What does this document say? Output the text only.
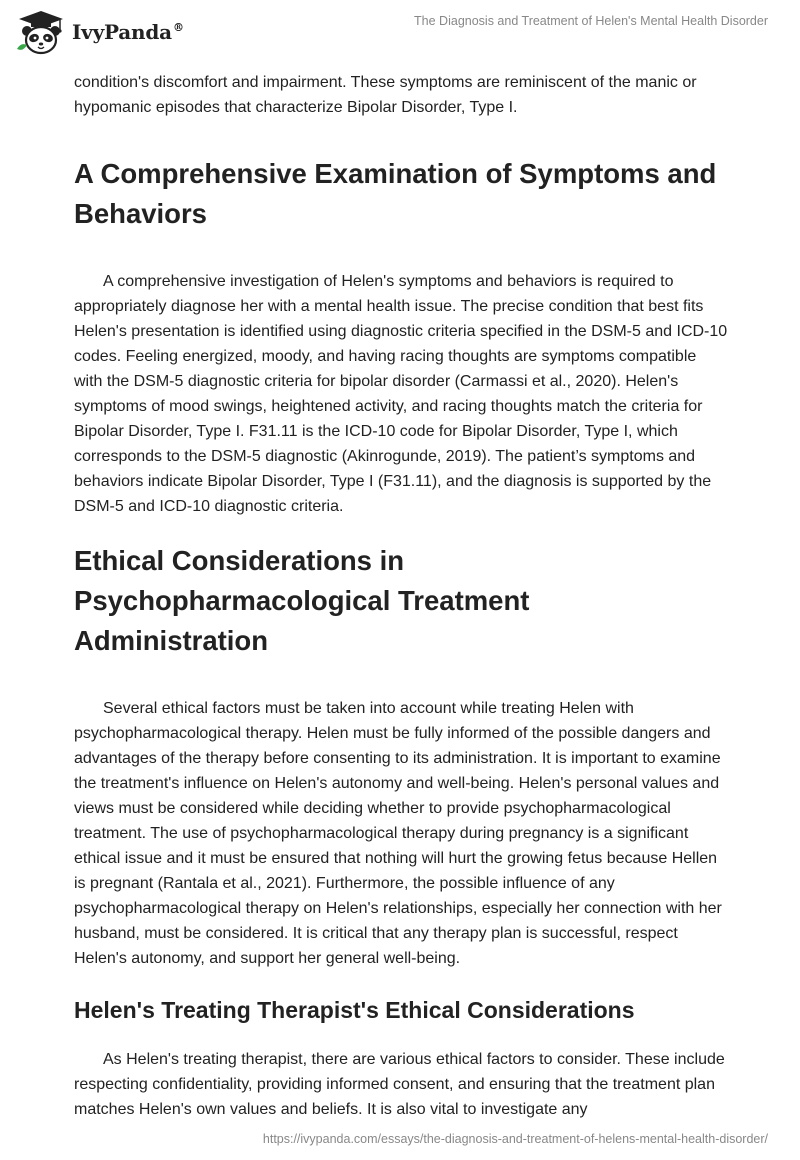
IvyPanda®	The Diagnosis and Treatment of Helen's Mental Health Disorder

condition's discomfort and impairment. These symptoms are reminiscent of the manic or hypomanic episodes that characterize Bipolar Disorder, Type I.

A Comprehensive Examination of Symptoms and Behaviors

A comprehensive investigation of Helen's symptoms and behaviors is required to appropriately diagnose her with a mental health issue. The precise condition that best fits Helen's presentation is identified using diagnostic criteria specified in the DSM-5 and ICD-10 codes. Feeling energized, moody, and having racing thoughts are symptoms compatible with the DSM-5 diagnostic criteria for bipolar disorder (Carmassi et al., 2020). Helen's symptoms of mood swings, heightened activity, and racing thoughts match the criteria for Bipolar Disorder, Type I. F31.11 is the ICD-10 code for Bipolar Disorder, Type I, which corresponds to the DSM-5 diagnostic (Akinrogunde, 2019). The patient’s symptoms and behaviors indicate Bipolar Disorder, Type I (F31.11), and the diagnosis is supported by the DSM-5 and ICD-10 diagnostic criteria.

Ethical Considerations in Psychopharmacological Treatment Administration

Several ethical factors must be taken into account while treating Helen with psychopharmacological therapy. Helen must be fully informed of the possible dangers and advantages of the therapy before consenting to its administration. It is important to examine the treatment's influence on Helen's autonomy and well-being. Helen's personal values and views must be considered while deciding whether to provide psychopharmacological treatment. The use of psychopharmacological therapy during pregnancy is a significant ethical issue and it must be ensured that nothing will hurt the growing fetus because Hellen is pregnant (Rantala et al., 2021). Furthermore, the possible influence of any psychopharmacological therapy on Helen's relationships, especially her connection with her husband, must be considered. It is critical that any therapy plan is successful, respect Helen's autonomy, and support her general well-being.

Helen's Treating Therapist's Ethical Considerations

As Helen's treating therapist, there are various ethical factors to consider. These include respecting confidentiality, providing informed consent, and ensuring that the treatment plan matches Helen's own values and beliefs. It is also vital to investigate any

https://ivypanda.com/essays/the-diagnosis-and-treatment-of-helens-mental-health-disorder/
